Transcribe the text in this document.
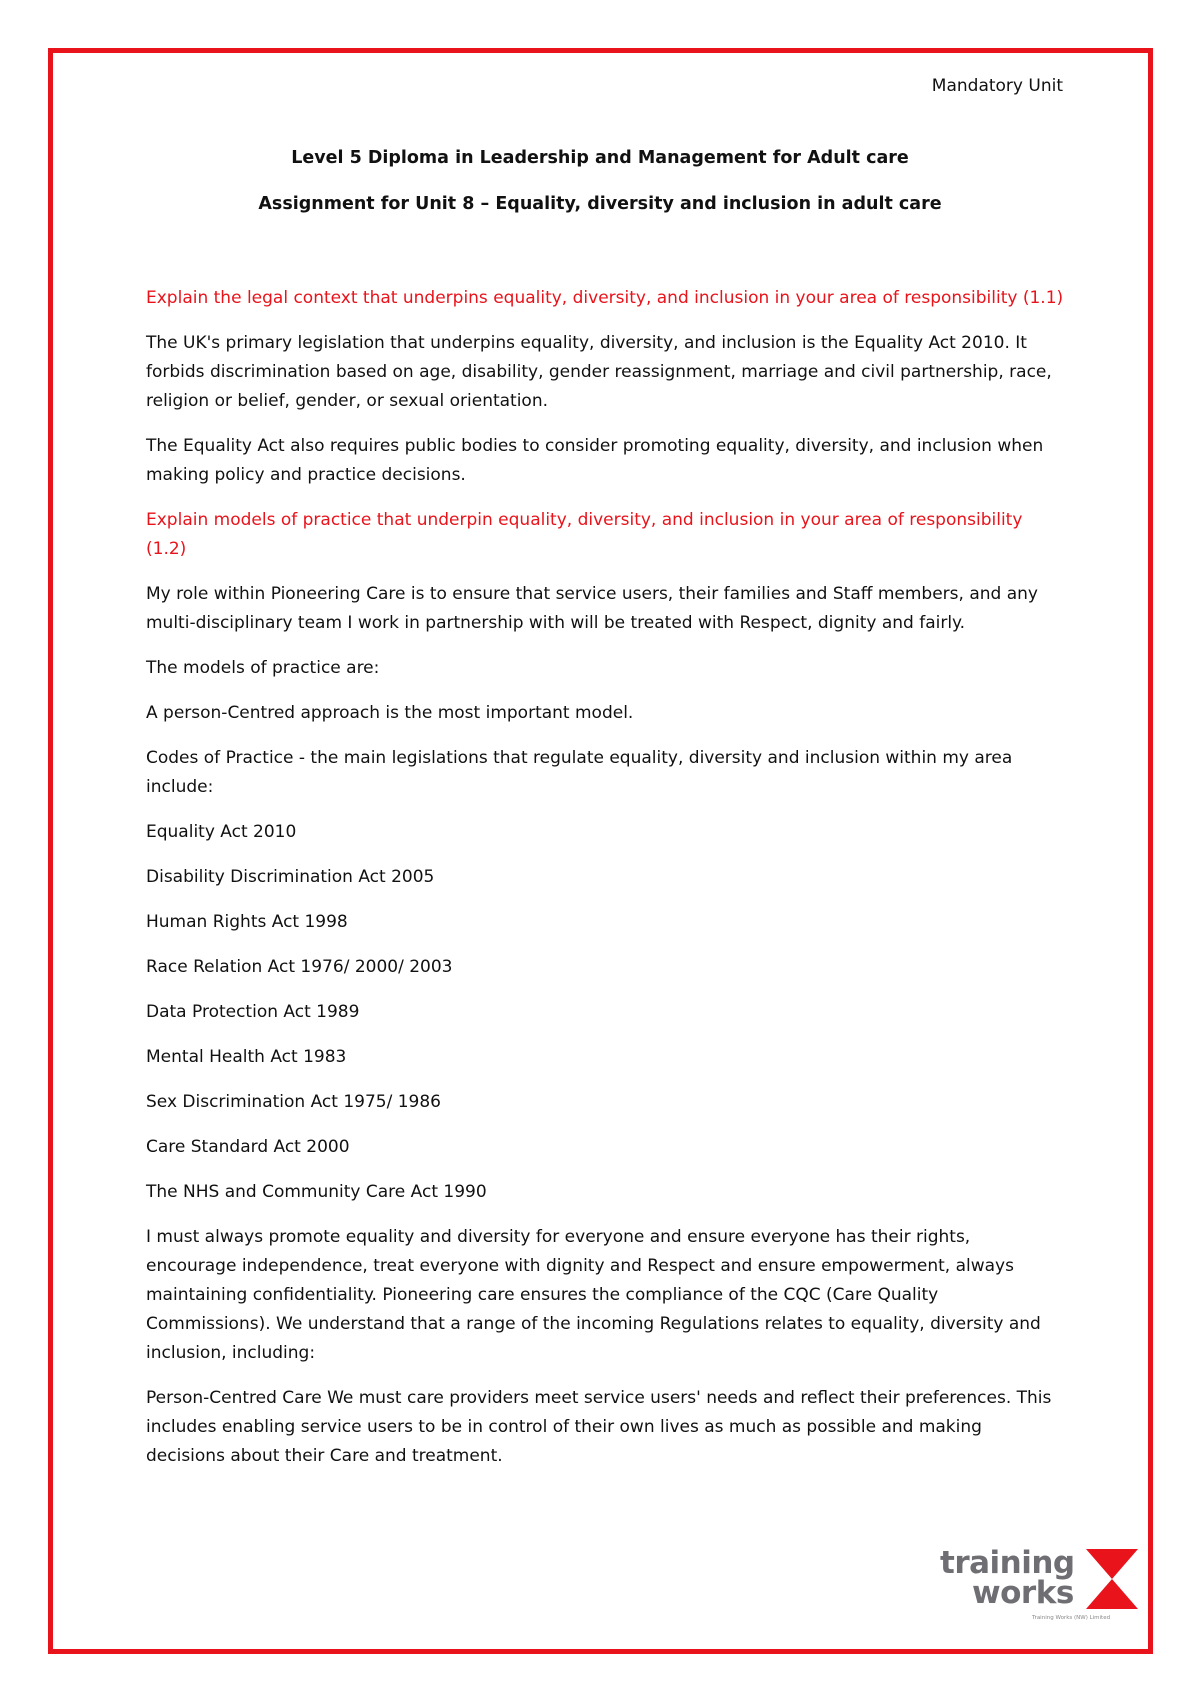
Mandatory Unit
Level 5 Diploma in Leadership and Management for Adult care
Assignment for Unit 8 – Equality, diversity and inclusion in adult care

Explain the legal context that underpins equality, diversity, and inclusion in your area of responsibility (1.1)

The UK's primary legislation that underpins equality, diversity, and inclusion is the Equality Act 2010. It forbids discrimination based on age, disability, gender reassignment, marriage and civil partnership, race, religion or belief, gender, or sexual orientation.

The Equality Act also requires public bodies to consider promoting equality, diversity, and inclusion when making policy and practice decisions.

Explain models of practice that underpin equality, diversity, and inclusion in your area of responsibility (1.2)

My role within Pioneering Care is to ensure that service users, their families and Staff members, and any multi-disciplinary team I work in partnership with will be treated with Respect, dignity and fairly.

The models of practice are:

A person-Centred approach is the most important model.

Codes of Practice - the main legislations that regulate equality, diversity and inclusion within my area include:

Equality Act 2010

Disability Discrimination Act 2005

Human Rights Act 1998

Race Relation Act 1976/ 2000/ 2003

Data Protection Act 1989

Mental Health Act 1983

Sex Discrimination Act 1975/ 1986

Care Standard Act 2000

The NHS and Community Care Act 1990

I must always promote equality and diversity for everyone and ensure everyone has their rights, encourage independence, treat everyone with dignity and Respect and ensure empowerment, always maintaining confidentiality. Pioneering care ensures the compliance of the CQC (Care Quality Commissions). We understand that a range of the incoming Regulations relates to equality, diversity and inclusion, including:

Person-Centred Care We must care providers meet service users' needs and reflect their preferences. This includes enabling service users to be in control of their own lives as much as possible and making decisions about their Care and treatment.

training
works
Training Works (NW) Limited
